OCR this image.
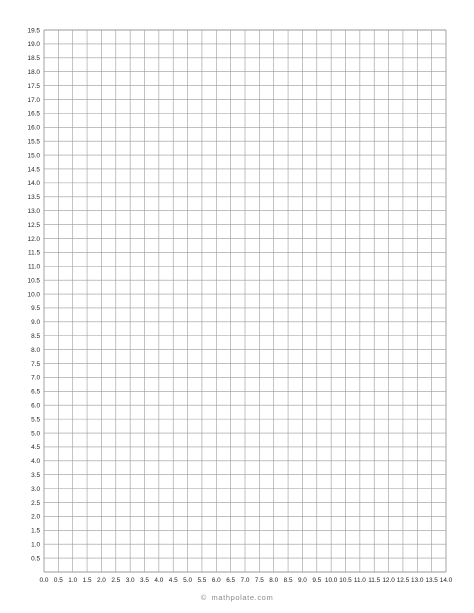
0.0 0.5 1.0 1.5 2.0 2.5 3.0 3.5 4.0 4.5 5.0 5.5 6.0 6.5 7.0 7.5 8.0 8.5 9.0 9.5 10.0 10.5 11.0 11.5 12.0 12.5 13.0 13.5 14.0
0.5
1.0
1.5
2.0
2.5
3.0
3.5
4.0
4.5
5.0
5.5
6.0
6.5
7.0
7.5
8.0
8.5
9.0
9.5
10.0
10.5
11.0
11.5
12.0
12.5
13.0
13.5
14.0
14.5
15.0
15.5
16.0
16.5
17.0
17.5
18.0
18.5
19.0
19.5
© mathpolate.com
